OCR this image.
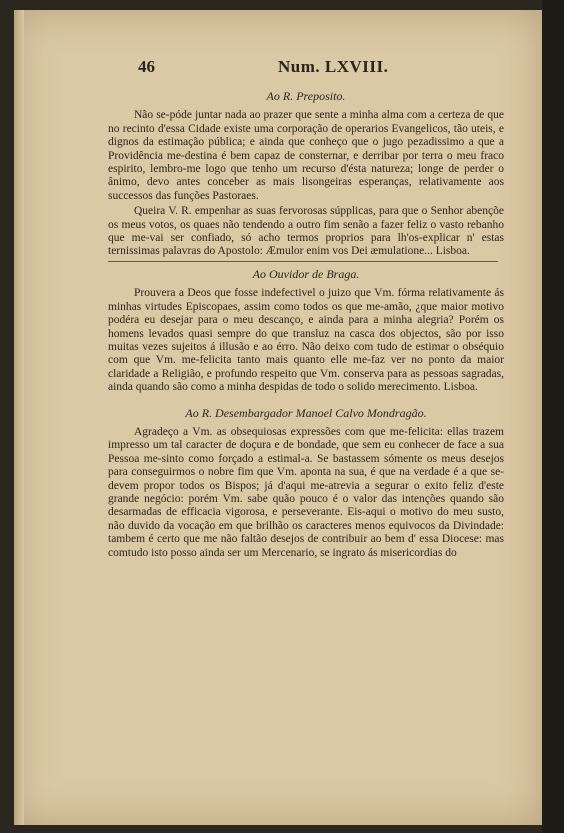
46	Num. LXVIII.
Ao R. Preposito.

Não se-póde juntar nada ao prazer que sente a minha alma com a certeza de que no recinto d'essa Cidade existe uma corporação de operarios Evangelicos, tão uteis, e dignos da estimação pública; e ainda que conheço que o jugo pezadissimo a que a Providência me-destina é bem capaz de consternar, e derribar por terra o meu fraco espirito, lembro-me logo que tenho um recurso d'ésta natureza; longe de perder o ânimo, devo antes conceber as mais lisongeiras esperanças, relativamente aos successos das funções Pastoraes.

Queira V. R. empenhar as suas fervorosas súpplicas, para que o Senhor abençõe os meus votos, os quaes não tendendo a outro fim senão a fazer feliz o vasto rebanho que me-vai ser confiado, só acho termos proprios para lh'os-explicar n' estas ternissimas palavras do Apostolo: Æmulor enim vos Dei æmulatione... Lisboa.

Ao Ouvidor de Braga.

Prouvera a Deos que fosse indefectivel o juizo que Vm. fórma relativamente ás minhas virtudes Episcopaes, assim como todos os que me-amão, ¿que maior motivo podéra eu desejar para o meu descanço, e ainda para a minha alegria? Porém os homens levados quasi sempre do que transluz na casca dos objectos, são por isso muitas vezes sujeitos á illusão e ao érro. Não deixo com tudo de estimar o obséquio com que Vm. me-felicita tanto mais quanto elle me-faz ver no ponto da maior claridade a Religião, e profundo respeito que Vm. conserva para as pessoas sagradas, ainda quando são como a minha despidas de todo o solido merecimento. Lisboa.

Ao R. Desembargador Manoel Calvo Mondragão.

Agradeço a Vm. as obsequiosas expressões com que me-felicita: ellas trazem impresso um tal caracter de doçura e de bondade, que sem eu conhecer de face a sua Pessoa me-sinto como forçado a estimal-a. Se bastassem sómente os meus desejos para conseguirmos o nobre fim que Vm. aponta na sua, é que na verdade é a que se-devem propor todos os Bispos; já d'aqui me-atrevia a segurar o exito feliz d'este grande negócio: porém Vm. sabe quão pouco é o valor das intenções quando são desarmadas de efficacia vigorosa, e perseverante. Eis-aqui o motivo do meu susto, não duvido da vocação em que brilhão os caracteres menos equivocos da Divindade: tambem é certo que me não faltão desejos de contribuir ao bem d' essa Diocese: mas comtudo isto posso ainda ser um Mercenario, se ingrato ás misericordias do
